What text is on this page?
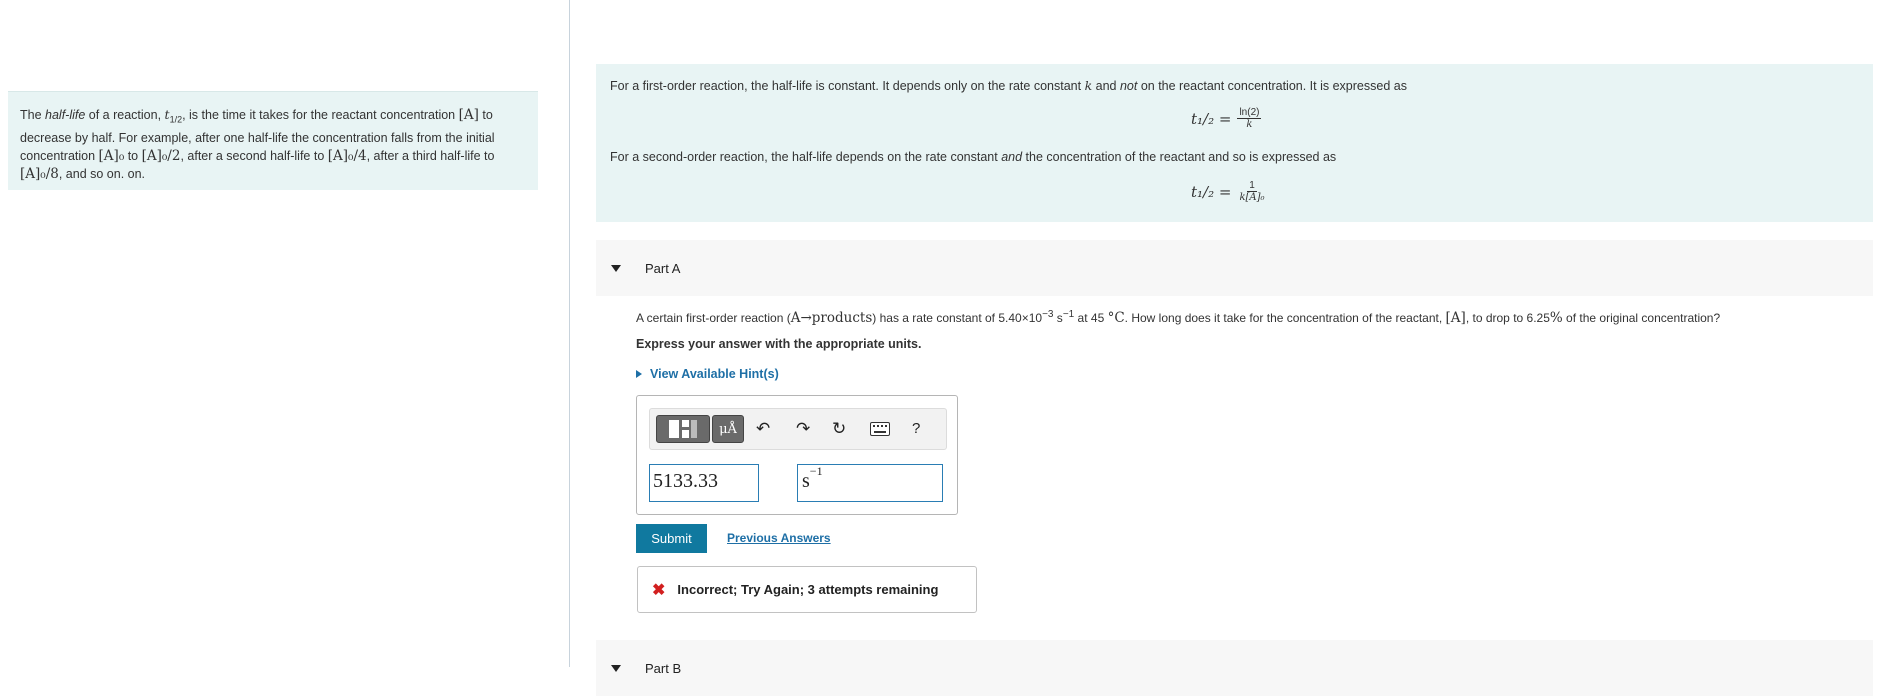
The half-life of a reaction, $t_{1/2}$, is the time it takes for the reactant concentration [A] to decrease by half. For example, after one half-life the concentration falls from the initial concentration [A]₀ to [A]₀/2, after a second half-life to [A]₀/4, after a third half-life to [A]₀/8, and so on. on.
For a first-order reaction, the half-life is constant. It depends only on the rate constant k and not on the reactant concentration. It is expressed as
$t_1/_2 = \frac{\ln(2)}{k}$
For a second-order reaction, the half-life depends on the rate constant and the concentration of the reactant and so is expressed as
$t_1/_2 = \frac{1}{\text{k[A]₀}}$
Part A
A certain first-order reaction (A→products) has a rate constant of $5.40\times 10^{-3}$ $s^{-1}$ at 45 °C. How long does it take for the concentration of the reactant, [A], to drop to 6.25% of the original concentration?
Express your answer with the appropriate units.
View Available Hint(s)
μÅ ↶ ↷ ↻	?
5133.33	$s^{-1}$
Submit	Previous Answers
✖ Incorrect; Try Again; 3 attempts remaining
Part B
